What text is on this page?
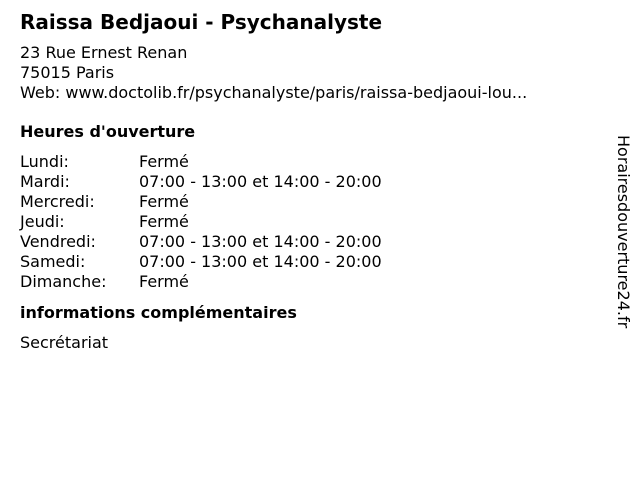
Raissa Bedjaoui - Psychanalyste
23 Rue Ernest Renan
75015 Paris
Web: www.doctolib.fr/psychanalyste/paris/raissa-bedjaoui-lou...
Heures d'ouverture
Lundi:	Fermé
Mardi:	07:00 - 13:00 et 14:00 - 20:00
Mercredi:	Fermé
Jeudi:	Fermé
Vendredi:	07:00 - 13:00 et 14:00 - 20:00
Samedi:	07:00 - 13:00 et 14:00 - 20:00
Dimanche:	Fermé
informations complémentaires
Secrétariat
Horairesdouverture24.fr
